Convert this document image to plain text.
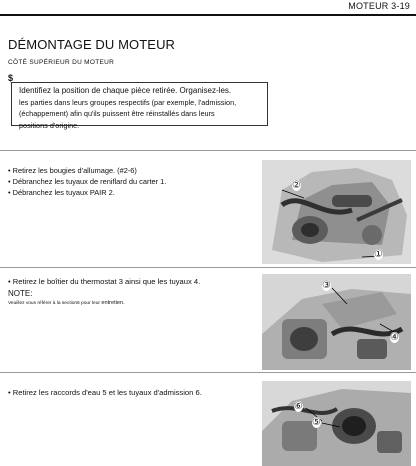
MOTEUR 3-19
DÉMONTAGE DU MOTEUR
CÔTÉ SUPÉRIEUR DU MOTEUR
$
Identifiez la position de chaque pièce retirée. Organisez-les.
les parties dans leurs groupes respectifs (par exemple, l'admission,
(échappement) afin qu'ils puissent être réinstallés dans leurs
positions d'origine.
• Retirez les bougies d'allumage. (#2-6)
• Débranchez les tuyaux de reniflard du carter 1.
• Débranchez les tuyaux PAIR 2.
②
①
• Retirez le boîtier du thermostat 3 ainsi que les tuyaux 4.
NOTE:
Veuillez vous référer à la section6 pour leur entretien.
③
④
• Retirez les raccords d'eau 5 et les tuyaux d'admission 6.
⑥
⑤
